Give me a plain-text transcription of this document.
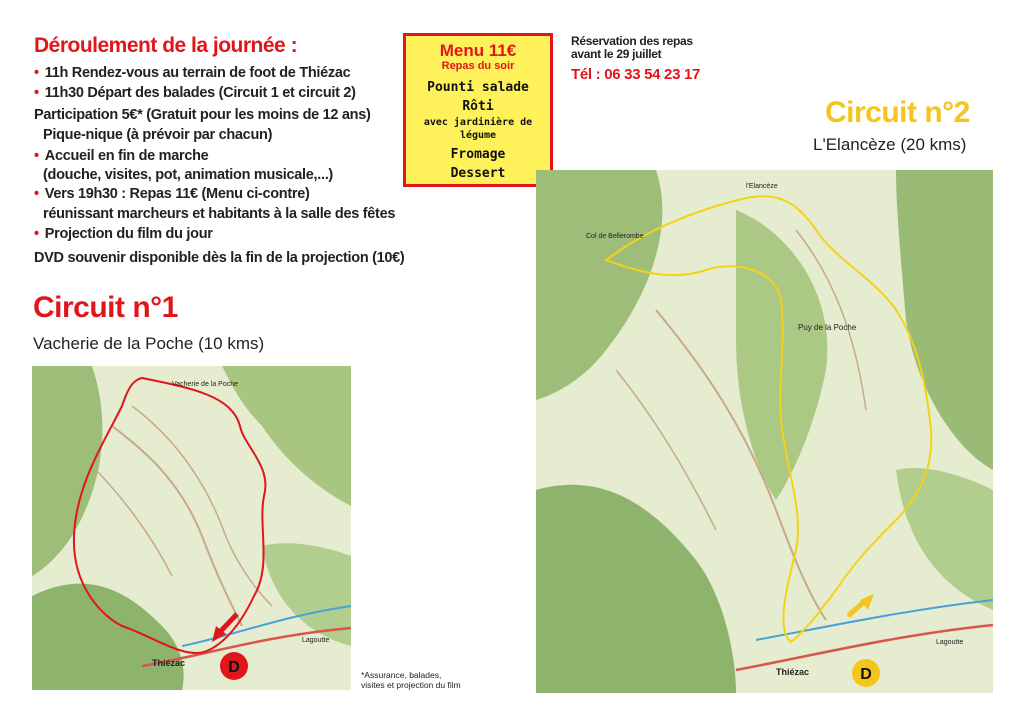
Déroulement de la journée :
• 11h Rendez-vous au terrain de foot de Thiézac
• 11h30 Départ des balades (Circuit 1 et circuit 2)
Participation 5€* (Gratuit pour les moins de 12 ans)
Pique-nique (à prévoir par chacun)
• Accueil en fin de marche
(douche, visites, pot, animation musicale,...)
• Vers 19h30 : Repas 11€ (Menu ci-contre)
réunissant marcheurs et habitants à la salle des fêtes
• Projection du film du jour
DVD souvenir disponible dès la fin de la projection (10€)
Menu 11€
Repas du soir
Pounti salade
Rôti
avec jardinière de légume
Fromage
Dessert
Réservation des repas
avant le 29 juillet
Tél : 06 33 54 23 17
Circuit n°1
Vacherie de la Poche (10 kms)
Circuit n°2
L'Elancèze (20 kms)
D
Vacherie de la Poche
Thiézac
Lagoutte
D
l'Elancèze
Col de Bellerombe
Puy de la Poche
Thiézac
Lagoutte
*Assurance, balades,
visites et projection du film
